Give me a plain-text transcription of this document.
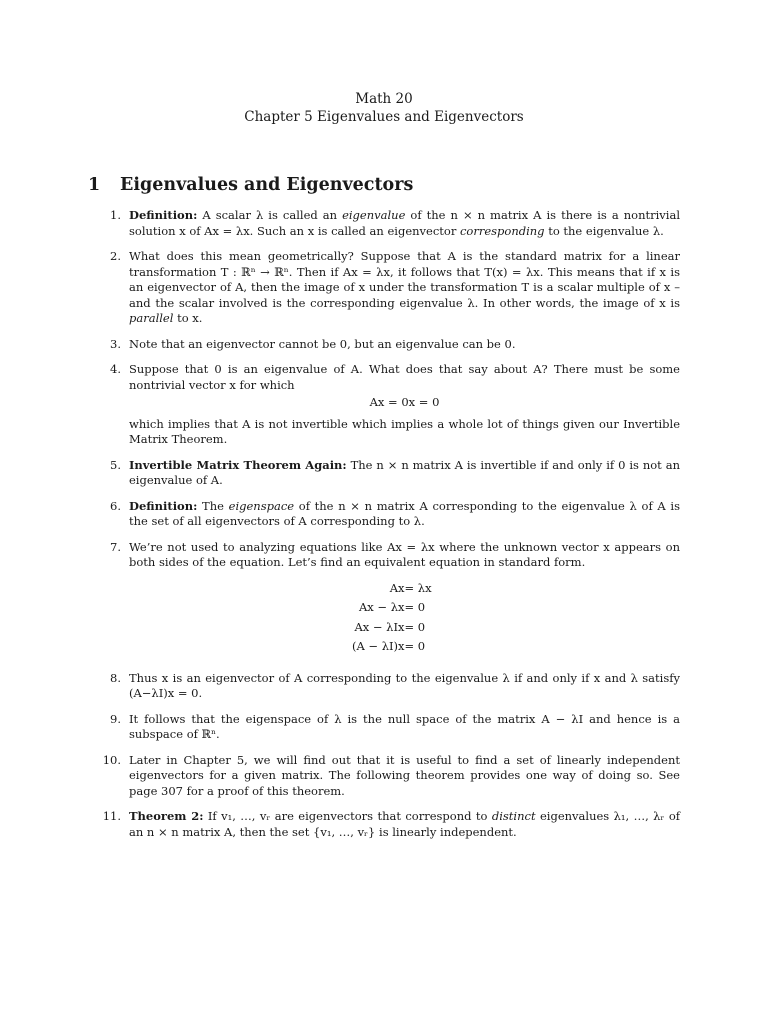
Math 20
Chapter 5 Eigenvalues and Eigenvectors
1 Eigenvalues and Eigenvectors
1. Definition: A scalar λ is called an eigenvalue of the n × n matrix A is there is a nontrivial solution x of Ax = λx. Such an x is called an eigenvector corresponding to the eigenvalue λ.
2. What does this mean geometrically? Suppose that A is the standard matrix for a linear transformation T : ℝⁿ → ℝⁿ. Then if Ax = λx, it follows that T(x) = λx. This means that if x is an eigenvector of A, then the image of x under the transformation T is a scalar multiple of x – and the scalar involved is the corresponding eigenvalue λ. In other words, the image of x is parallel to x.
3. Note that an eigenvector cannot be 0, but an eigenvalue can be 0.
4. Suppose that 0 is an eigenvalue of A. What does that say about A? There must be some nontrivial vector x for which
Ax = 0x = 0
which implies that A is not invertible which implies a whole lot of things given our Invertible Matrix Theorem.
5. Invertible Matrix Theorem Again: The n × n matrix A is invertible if and only if 0 is not an eigenvalue of A.
6. Definition: The eigenspace of the n × n matrix A corresponding to the eigenvalue λ of A is the set of all eigenvectors of A corresponding to λ.
7. We’re not used to analyzing equations like Ax = λx where the unknown vector x appears on both sides of the equation. Let’s find an equivalent equation in standard form.
Ax = λx
Ax − λx = 0
Ax − λIx = 0
(A − λI)x = 0
8. Thus x is an eigenvector of A corresponding to the eigenvalue λ if and only if x and λ satisfy (A−λI)x = 0.
9. It follows that the eigenspace of λ is the null space of the matrix A − λI and hence is a subspace of ℝⁿ.
10. Later in Chapter 5, we will find out that it is useful to find a set of linearly independent eigenvectors for a given matrix. The following theorem provides one way of doing so. See page 307 for a proof of this theorem.
11. Theorem 2: If v₁, …, vᵣ are eigenvectors that correspond to distinct eigenvalues λ₁, …, λᵣ of an n × n matrix A, then the set {v₁, …, vᵣ} is linearly independent.
